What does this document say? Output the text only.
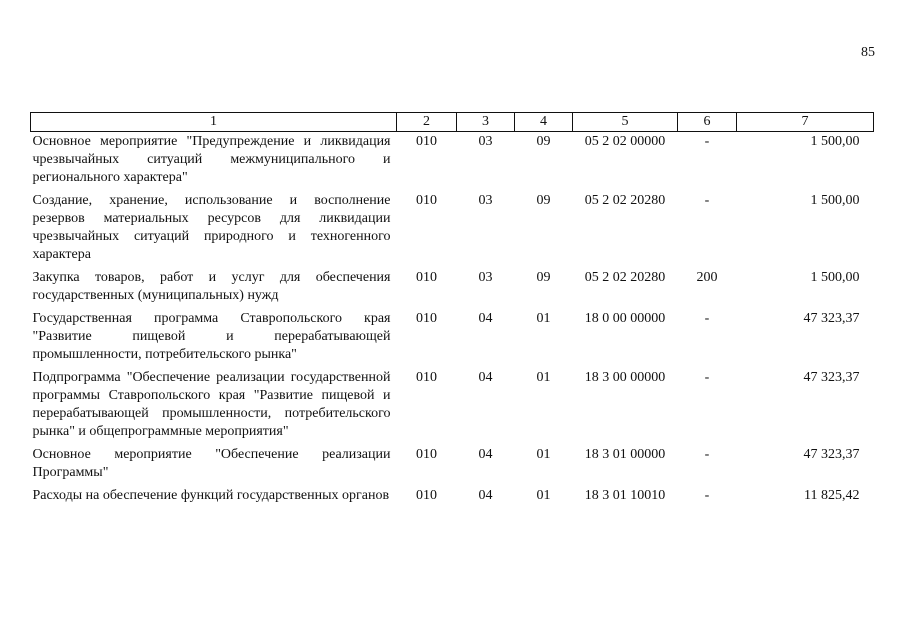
85
1	2	3	4	5	6	7
Основное мероприятие "Предупреждение и ликвидация чрезвычайных ситуаций межмуниципального и регионального характера"	010	03	09	05 2 02 00000	-	1 500,00
Создание, хранение, использование и восполнение резервов материальных ресурсов для ликвидации чрезвычайных ситуаций природного и техногенного характера	010	03	09	05 2 02 20280	-	1 500,00
Закупка товаров, работ и услуг для обеспечения государственных (муниципальных) нужд	010	03	09	05 2 02 20280	200	1 500,00
Государственная программа Ставропольского края "Развитие пищевой и перерабатывающей промышленности, потребительского рынка"	010	04	01	18 0 00 00000	-	47 323,37
Подпрограмма "Обеспечение реализации государственной программы Ставропольского края "Развитие пищевой и перерабатывающей промышленности, потребительского рынка" и общепрограммные мероприятия"	010	04	01	18 3 00 00000	-	47 323,37
Основное мероприятие "Обеспечение реализации Программы"	010	04	01	18 3 01 00000	-	47 323,37
Расходы на обеспечение функций государственных органов	010	04	01	18 3 01 10010	-	11 825,42
